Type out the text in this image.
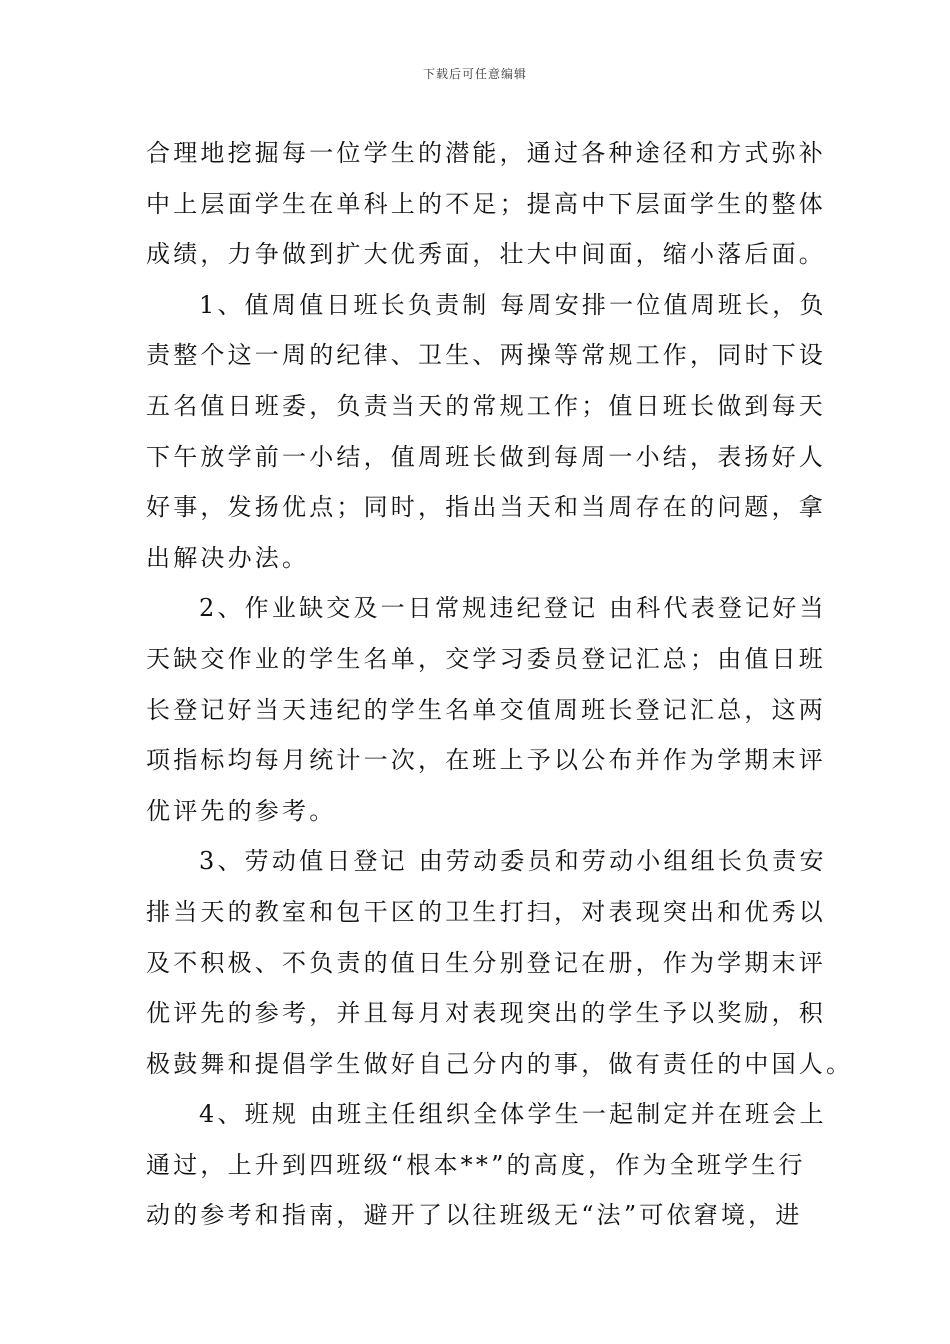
下载后可任意编辑

合理地挖掘每一位学生的潜能，通过各种途径和方式弥补
中上层面学生在单科上的不足；提高中下层面学生的整体
成绩，力争做到扩大优秀面，壮大中间面，缩小落后面。

1、值周值日班长负责制 每周安排一位值周班长，负
责整个这一周的纪律、卫生、两操等常规工作，同时下设
五名值日班委，负责当天的常规工作；值日班长做到每天
下午放学前一小结，值周班长做到每周一小结，表扬好人
好事，发扬优点；同时，指出当天和当周存在的问题，拿
出解决办法。

2、作业缺交及一日常规违纪登记 由科代表登记好当
天缺交作业的学生名单，交学习委员登记汇总；由值日班
长登记好当天违纪的学生名单交值周班长登记汇总，这两
项指标均每月统计一次，在班上予以公布并作为学期末评
优评先的参考。

3、劳动值日登记 由劳动委员和劳动小组组长负责安
排当天的教室和包干区的卫生打扫，对表现突出和优秀以
及不积极、不负责的值日生分别登记在册，作为学期末评
优评先的参考，并且每月对表现突出的学生予以奖励，积
极鼓舞和提倡学生做好自己分内的事，做有责任的中国人。

4、班规 由班主任组织全体学生一起制定并在班会上
通过，上升到四班级“根本**”的高度，作为全班学生行
动的参考和指南，避开了以往班级无“法”可依窘境，进
